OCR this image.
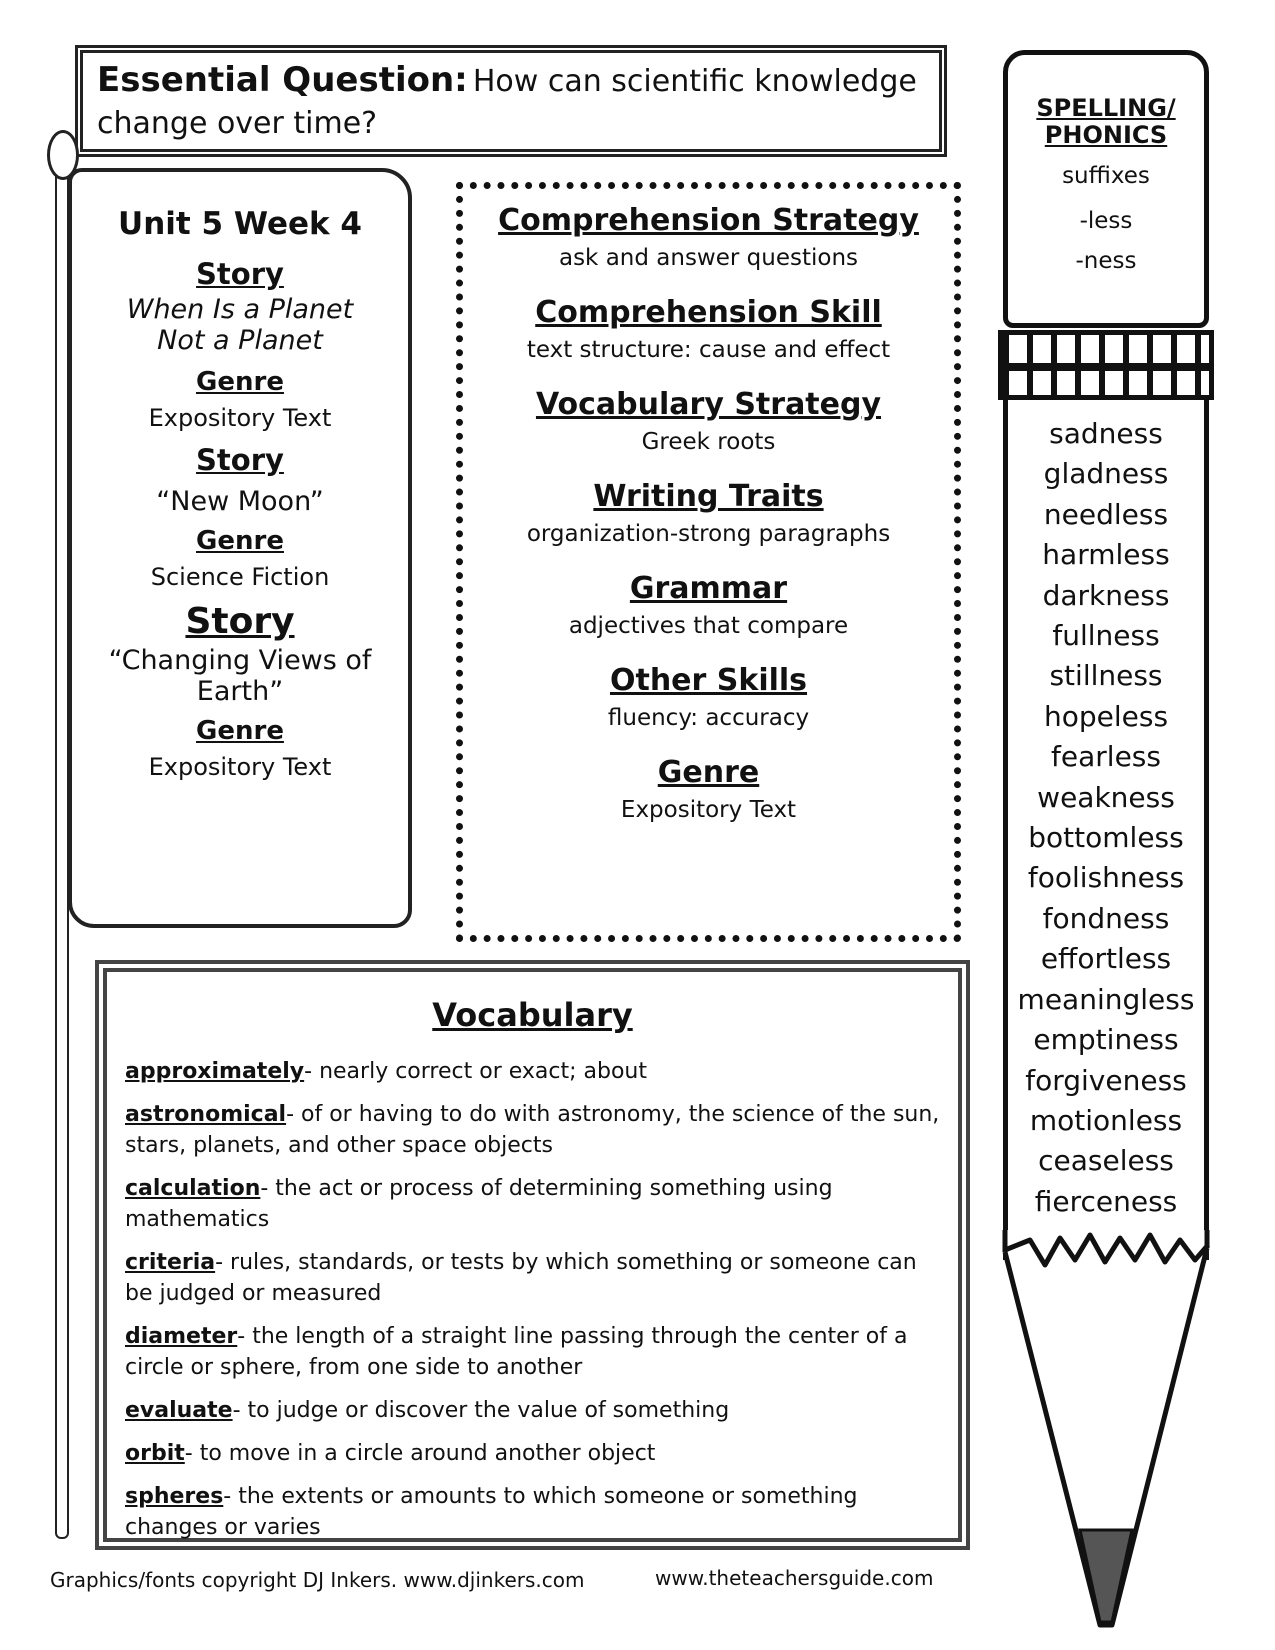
Essential Question: How can scientific knowledge
change over time?
Unit 5 Week 4
Story
When Is a Planet
Not a Planet
Genre
Expository Text
Story
“New Moon”
Genre
Science Fiction
Story
“Changing Views of
Earth”
Genre
Expository Text
Comprehension Strategy
ask and answer questions
Comprehension Skill
text structure: cause and effect
Vocabulary Strategy
Greek roots
Writing Traits
organization-strong paragraphs
Grammar
adjectives that compare
Other Skills
fluency: accuracy
Genre
Expository Text
Vocabulary
approximately- nearly correct or exact; about
astronomical- of or having to do with astronomy, the science of the sun, stars, planets, and other space objects
calculation- the act or process of determining something using mathematics
criteria- rules, standards, or tests by which something or someone can be judged or measured
diameter- the length of a straight line passing through the center of a circle or sphere, from one side to another
evaluate- to judge or discover the value of something
orbit- to move in a circle around another object
spheres- the extents or amounts to which someone or something changes or varies
SPELLING/
PHONICS
suffixes
-less
-ness
sadness
gladness
needless
harmless
darkness
fullness
stillness
hopeless
fearless
weakness
bottomless
foolishness
fondness
effortless
meaningless
emptiness
forgiveness
motionless
ceaseless
fierceness
Graphics/fonts copyright DJ Inkers. www.djinkers.com	www.theteachersguide.com
